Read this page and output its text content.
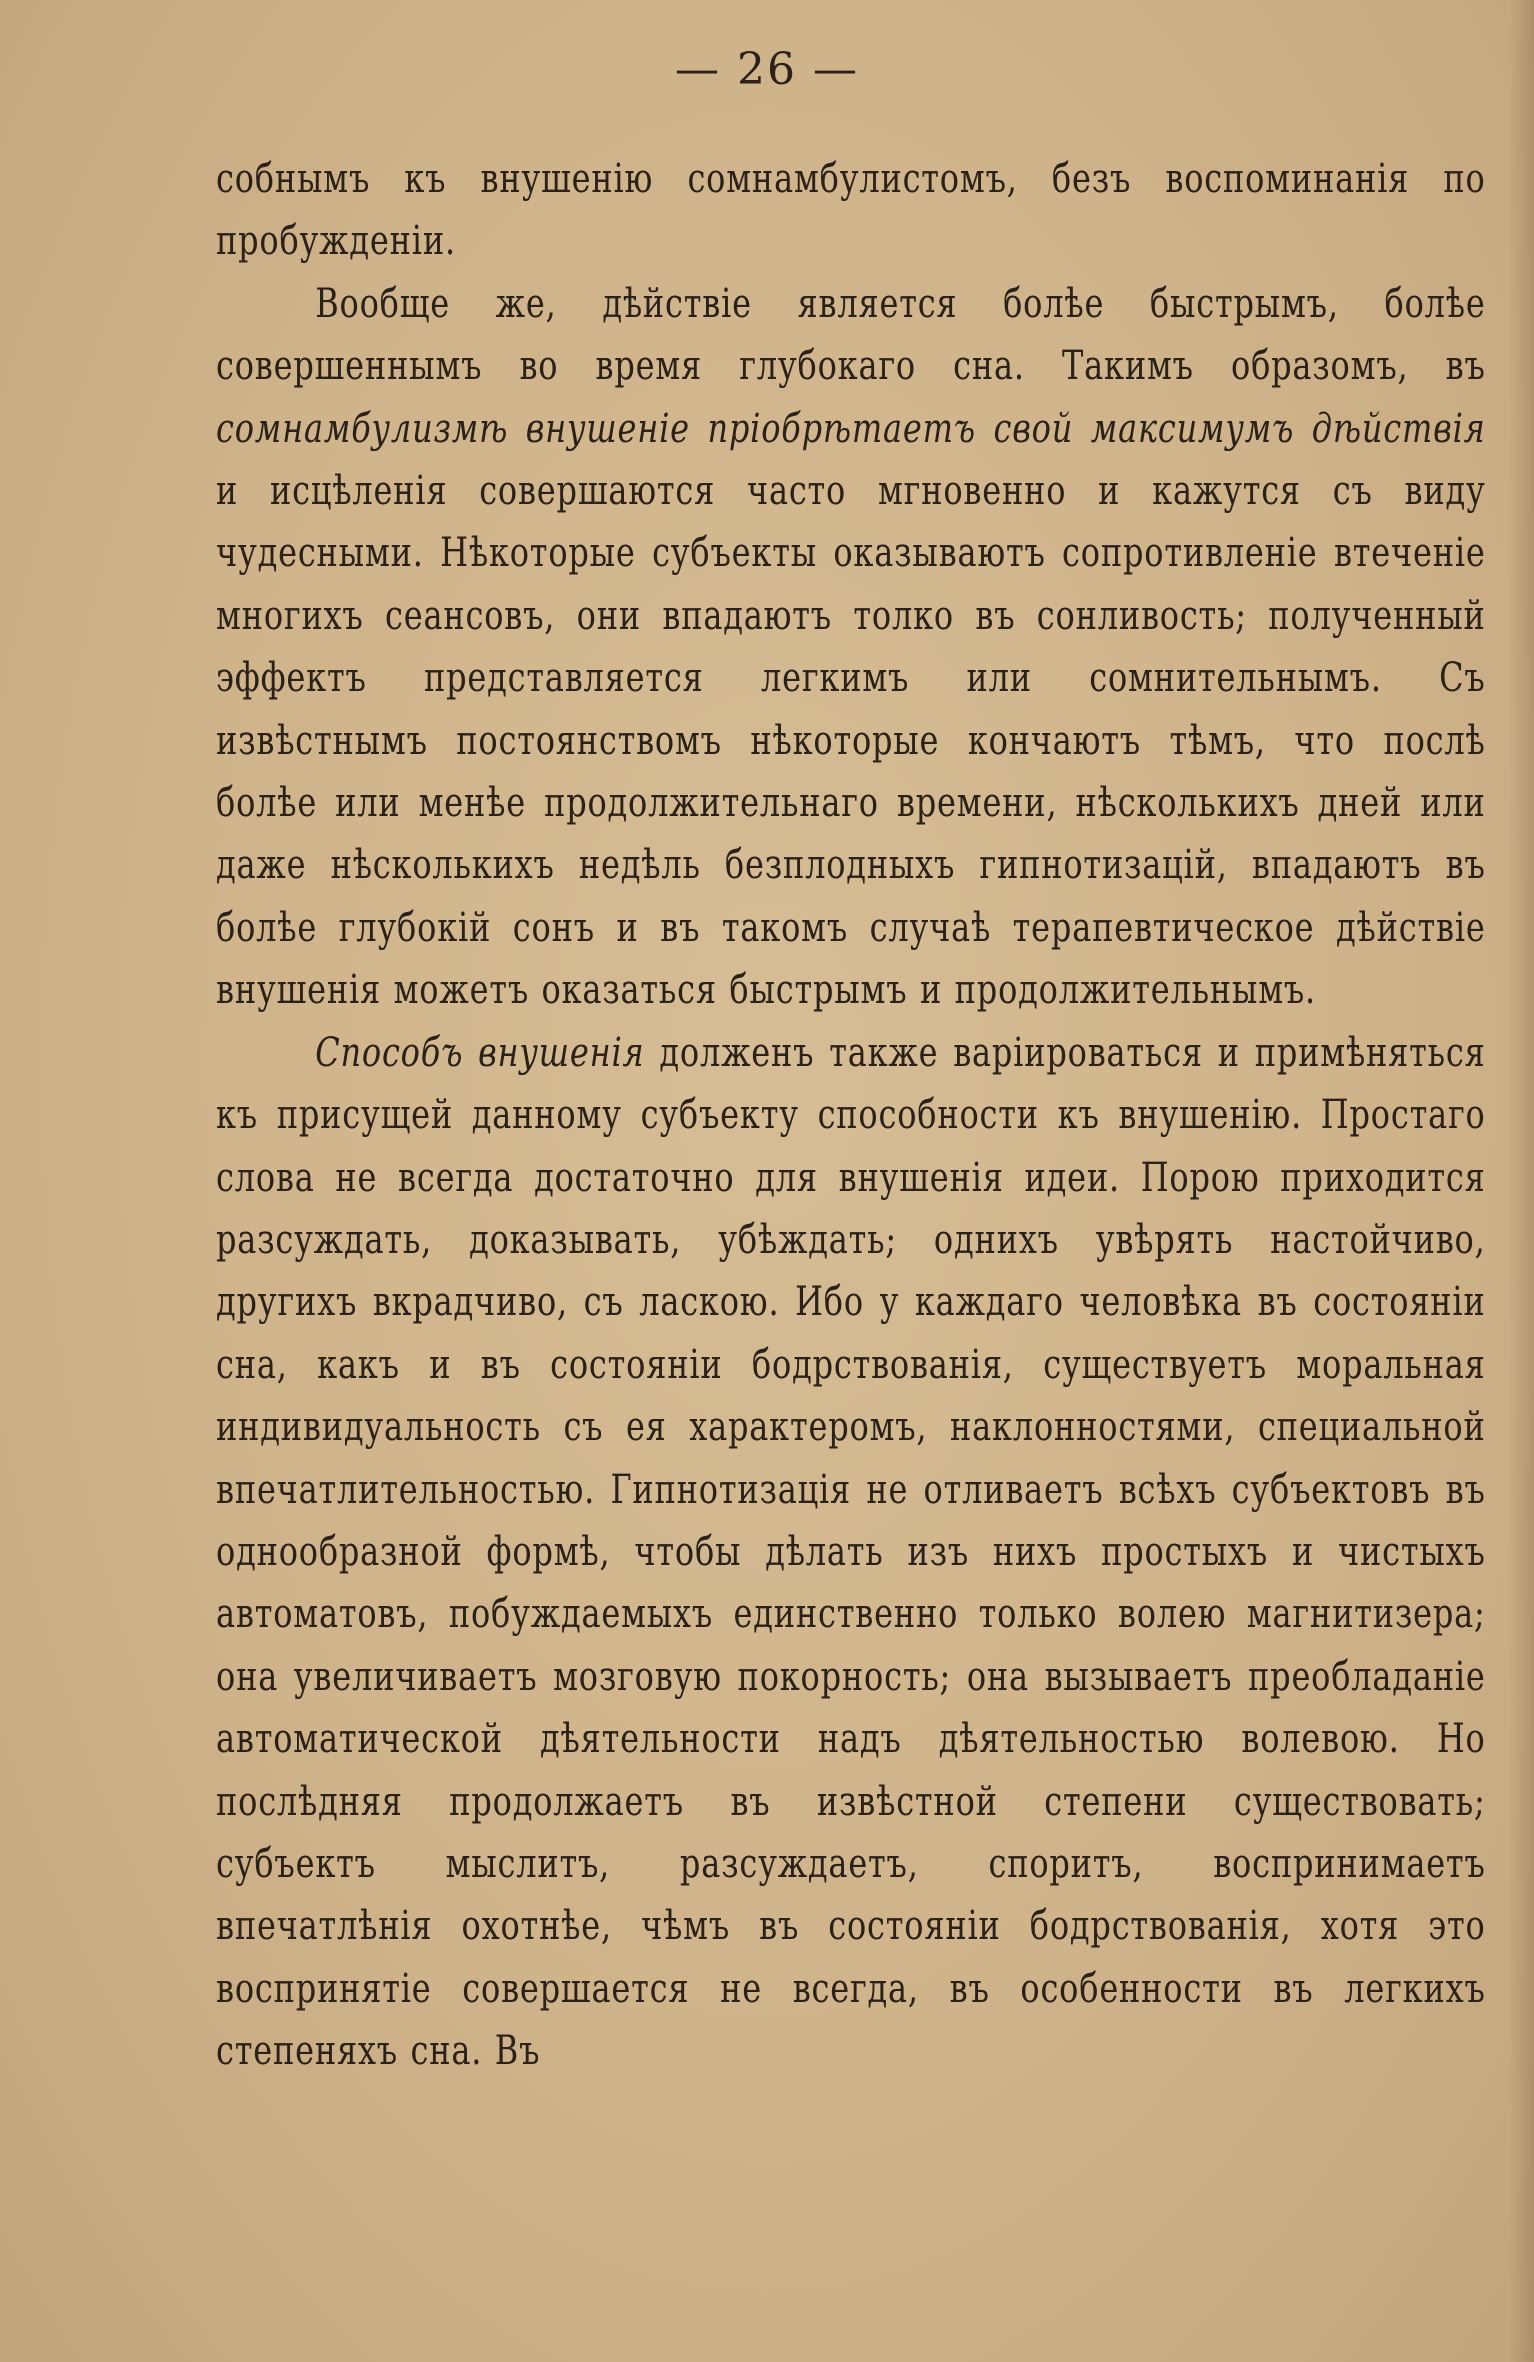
— 26 —

собнымъ къ внушенію сомнамбулистомъ, безъ воспоминанія по пробужденіи.

Вообще же, дѣйствіе является болѣе быстрымъ, болѣе совершеннымъ во время глубокаго сна. Такимъ образомъ, въ сомнамбулизмѣ внушеніе пріобрѣтаетъ свой максимумъ дѣйствія и исцѣленія совершаются часто мгновенно и кажутся съ виду чудесными. Нѣкоторые субъекты оказываютъ сопротивленіе втеченіе многихъ сеансовъ, они впадаютъ толко въ сонливость; полученный эффектъ представляется легкимъ или сомнительнымъ. Съ извѣстнымъ постоянствомъ нѣкоторые кончаютъ тѣмъ, что послѣ болѣе или менѣе продолжительнаго времени, нѣсколькихъ дней или даже нѣсколькихъ недѣль безплодныхъ гипнотизацій, впадаютъ въ болѣе глубокій сонъ и въ такомъ случаѣ терапевтическое дѣйствіе внушенія можетъ оказаться быстрымъ и продолжительнымъ.

Способъ внушенія долженъ также варіироваться и примѣняться къ присущей данному субъекту способности къ внушенію. Простаго слова не всегда достаточно для внушенія идеи. Порою приходится разсуждать, доказывать, убѣждать; однихъ увѣрять настойчиво, другихъ вкрадчиво, съ ласкою. Ибо у каждаго человѣка въ состояніи сна, какъ и въ состояніи бодрствованія, существуетъ моральная индивидуальность съ ея характеромъ, наклонностями, специальной впечатлительностью. Гипнотизація не отливаетъ всѣхъ субъектовъ въ однообразной формѣ, чтобы дѣлать изъ нихъ простыхъ и чистыхъ автоматовъ, побуждаемыхъ единственно только волею магнитизера; она увеличиваетъ мозговую покорность; она вызываетъ преобладаніе автоматической дѣятельности надъ дѣятельностью волевою. Но послѣдняя продолжаетъ въ извѣстной степени существовать; субъектъ мыслитъ, разсуждаетъ, споритъ, воспринимаетъ впечатлѣнія охотнѣе, чѣмъ въ состояніи бодрствованія, хотя это воспринятіе совершается не всегда, въ особенности въ легкихъ степеняхъ сна. Въ
